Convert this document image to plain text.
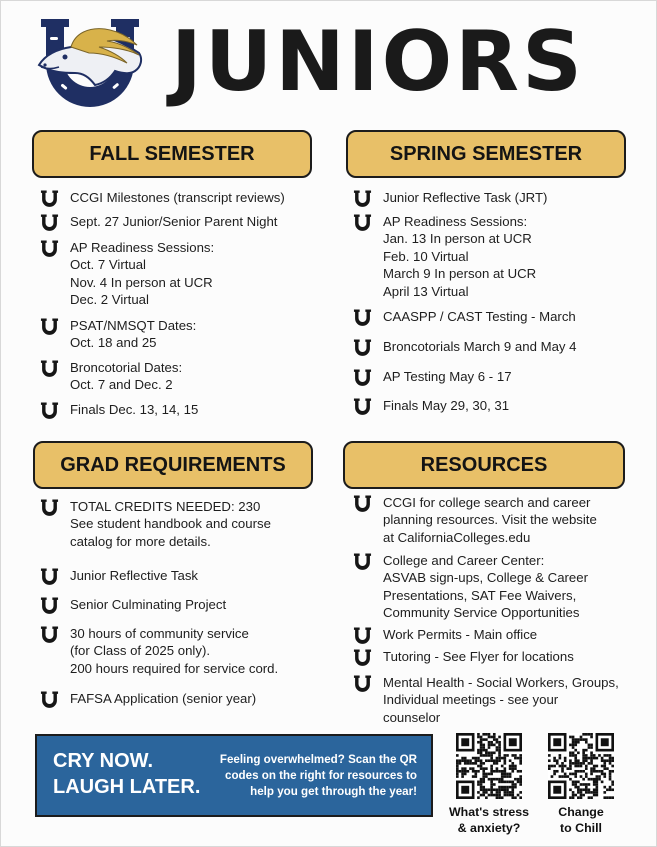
JUNIORS
FALL SEMESTER	SPRING SEMESTER
GRAD REQUIREMENTS	RESOURCES
CCGI Milestones (transcript reviews)
Sept. 27 Junior/Senior Parent Night
AP Readiness Sessions:
Oct. 7 Virtual
Nov. 4 In person at UCR
Dec. 2 Virtual
PSAT/NMSQT Dates:
Oct. 18 and 25
Broncotorial Dates:
Oct. 7 and Dec. 2
Finals Dec. 13, 14, 15
Junior Reflective Task (JRT)
AP Readiness Sessions:
Jan. 13 In person at UCR
Feb. 10 Virtual
March 9 In person at UCR
April 13 Virtual
CAASPP / CAST Testing - March
Broncotorials March 9 and May 4
AP Testing May 6 - 17
Finals May 29, 30, 31
TOTAL CREDITS NEEDED: 230
See student handbook and course
catalog for more details.
Junior Reflective Task
Senior Culminating Project
30 hours of community service
(for Class of 2025 only).
200 hours required for service cord.
FAFSA Application (senior year)
CCGI for college search and career
planning resources. Visit the website
at CaliforniaColleges.edu
College and Career Center:
ASVAB sign-ups, College & Career
Presentations, SAT Fee Waivers,
Community Service Opportunities
Work Permits - Main office
Tutoring - See Flyer for locations
Mental Health - Social Workers, Groups,
Individual meetings - see your
counselor
CRY NOW.
LAUGH LATER.
Feeling overwhelmed? Scan the QR
codes on the right for resources to
help you get through the year!
What's stress
& anxiety?
Change
to Chill
